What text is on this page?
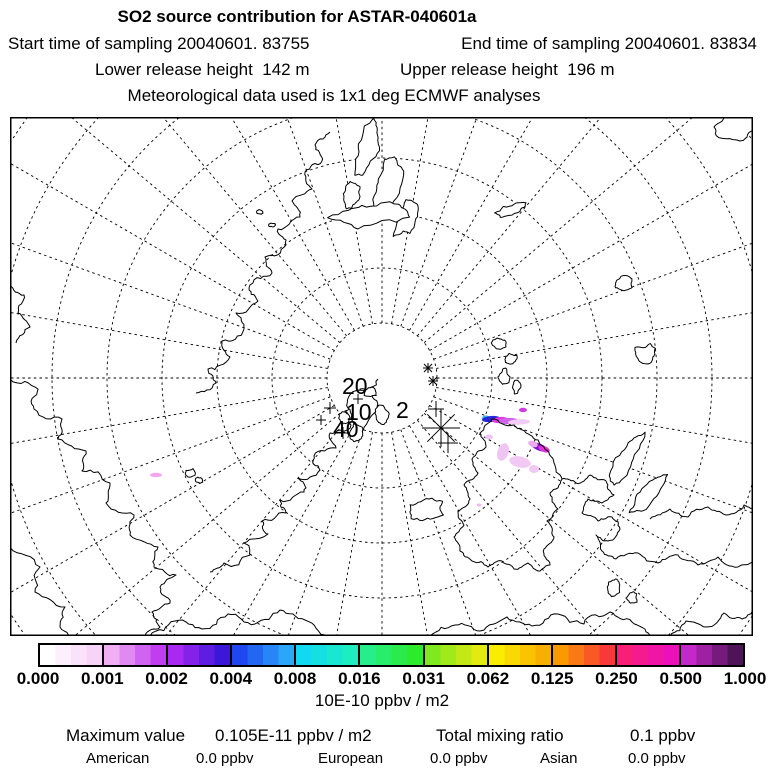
SO2 source contribution for ASTAR-040601a
Start time of sampling 20040601. 83755	End time of sampling 20040601. 83834
Lower release height  142 m	Upper release height  196 m
Meteorological data used is 1x1 deg ECMWF analyses
20
10
40
2
0.000 0.001 0.002 0.004 0.008 0.016 0.031 0.062 0.125 0.250 0.500 1.000
10E-10 ppbv / m2
Maximum value 0.105E-11 ppbv / m2	Total mixing ratio	0.1 ppbv
American	0.0 ppbv	European	0.0 ppbv	Asian	0.0 ppbv
